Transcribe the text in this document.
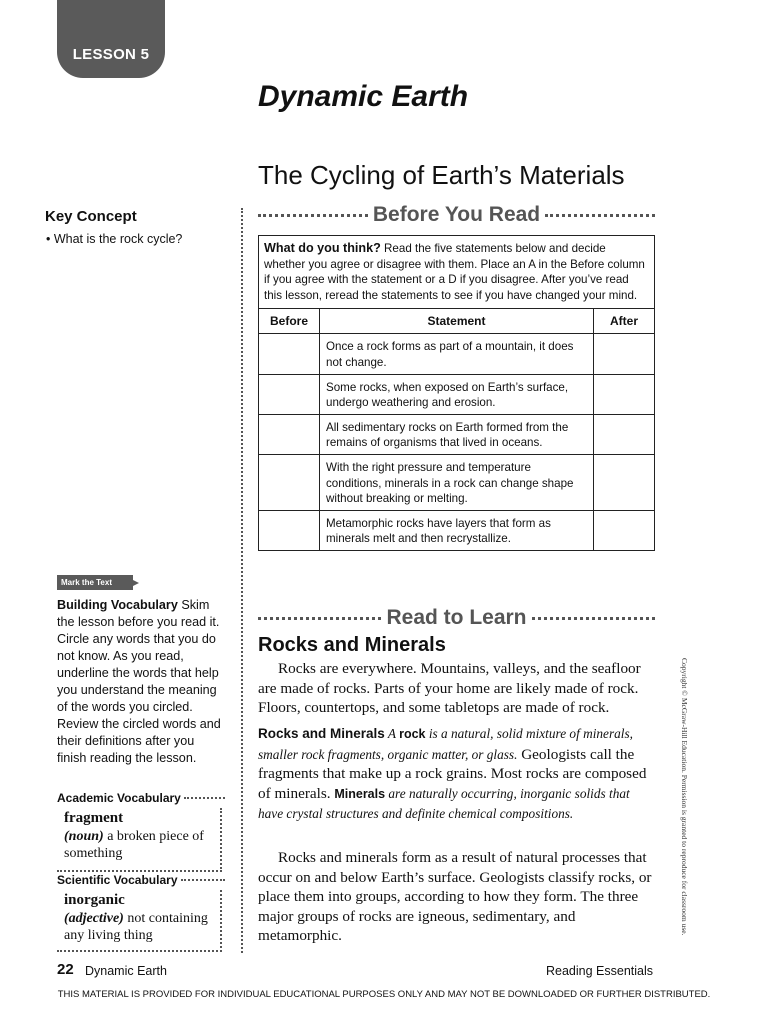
LESSON 5
Dynamic Earth
The Cycling of Earth’s Materials
Key Concept
• What is the rock cycle?
Before You Read
What do you think? Read the five statements below and decide whether you agree or disagree with them. Place an A in the Before column if you agree with the statement or a D if you disagree. After you’ve read this lesson, reread the statements to see if you have changed your mind.
Before	Statement	After
	Once a rock forms as part of a mountain, it does not change.	
	Some rocks, when exposed on Earth’s surface, undergo weathering and erosion.	
	All sedimentary rocks on Earth formed from the remains of organisms that lived in oceans.	
	With the right pressure and temperature conditions, minerals in a rock can change shape without breaking or melting.	
	Metamorphic rocks have layers that form as minerals melt and then recrystallize.	
Mark the Text
Building Vocabulary Skim the lesson before you read it. Circle any words that you do not know. As you read, underline the words that help you understand the meaning of the words you circled. Review the circled words and their definitions after you finish reading the lesson.
Academic Vocabulary
fragment
(noun) a broken piece of something
Scientific Vocabulary
inorganic
(adjective) not containing any living thing
Read to Learn
Rocks and Minerals
Rocks are everywhere. Mountains, valleys, and the seafloor are made of rocks. Parts of your home are likely made of rock. Floors, countertops, and some tabletops are made of rock.
Rocks and Minerals A rock is a natural, solid mixture of minerals, smaller rock fragments, organic matter, or glass. Geologists call the fragments that make up a rock grains. Most rocks are composed of minerals. Minerals are naturally occurring, inorganic solids that have crystal structures and definite chemical compositions.
Rocks and minerals form as a result of natural processes that occur on and below Earth’s surface. Geologists classify rocks, or place them into groups, according to how they form. The three major groups of rocks are igneous, sedimentary, and metamorphic.	Copyright © McGraw-Hill Education. Permission is granted to reproduce for classroom use.
22 Dynamic Earth	Reading Essentials
THIS MATERIAL IS PROVIDED FOR INDIVIDUAL EDUCATIONAL PURPOSES ONLY AND MAY NOT BE DOWNLOADED OR FURTHER DISTRIBUTED.
